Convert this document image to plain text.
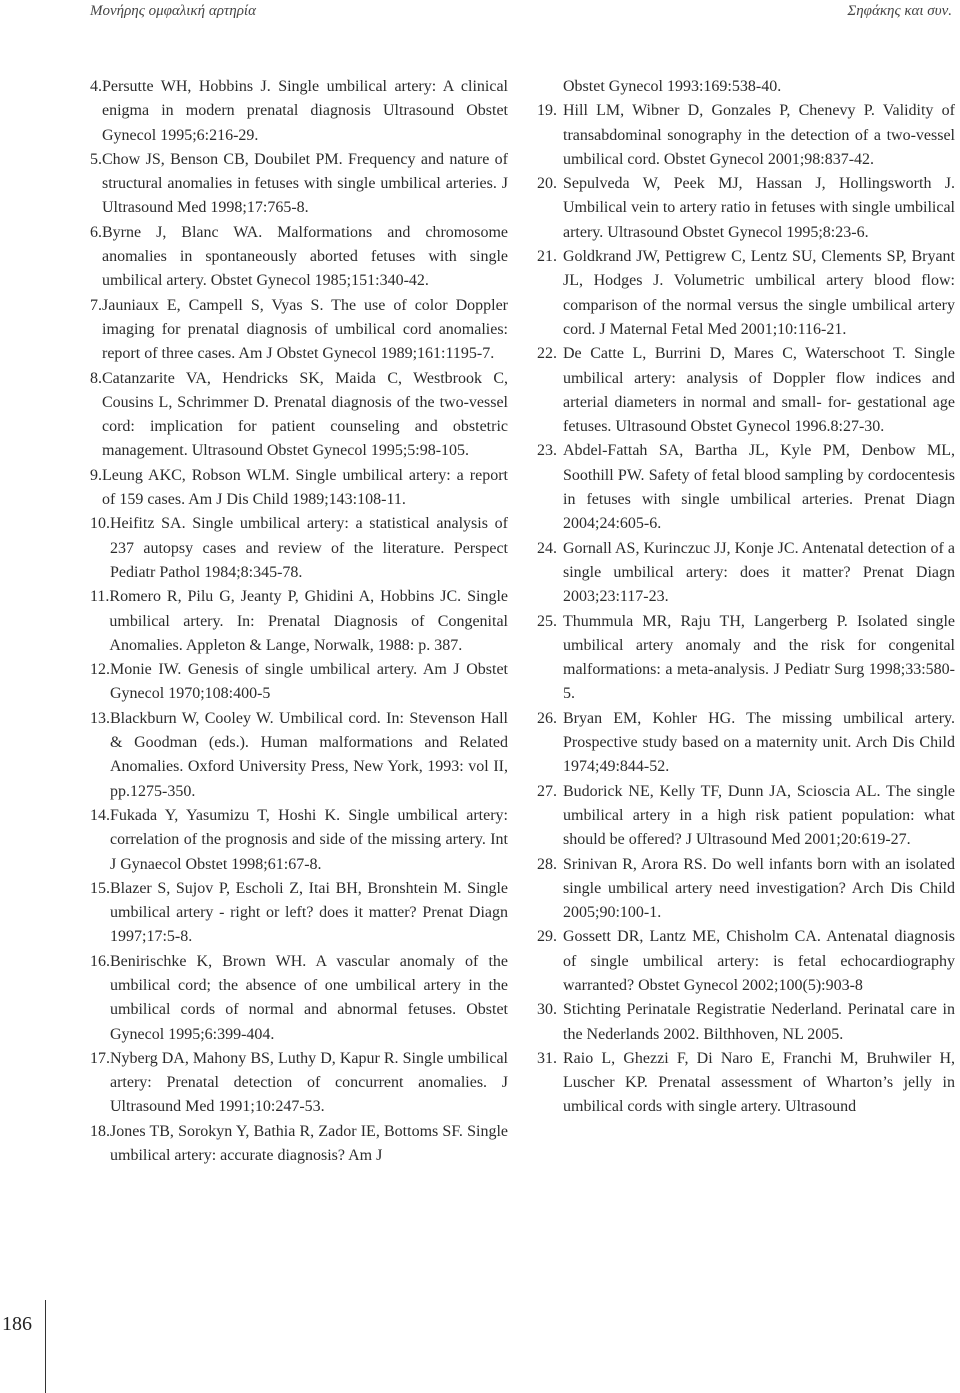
Μονήρης ομφαλική αρτηρία	Σηφάκης και συν.
4. Persutte WH, Hobbins J. Single umbilical artery: A clinical enigma in modern prenatal diagnosis Ultrasound Obstet Gynecol 1995;6:216-29.
5. Chow JS, Benson CB, Doubilet PM. Frequency and nature of structural anomalies in fetuses with single umbilical arteries. J Ultrasound Med 1998;17:765-8.
6. Byrne J, Blanc WA. Malformations and chromosome anomalies in spontaneously aborted fetuses with single umbilical artery. Obstet Gynecol 1985;151:340-42.
7. Jauniaux E, Campell S, Vyas S. The use of color Doppler imaging for prenatal diagnosis of umbilical cord anomalies: report of three cases. Am J Obstet Gynecol 1989;161:1195-7.
8. Catanzarite VA, Hendricks SK, Maida C, Westbrook C, Cousins L, Schrimmer D. Prenatal diagnosis of the two-vessel cord: implication for patient counseling and obstetric management. Ultrasound Obstet Gynecol 1995;5:98-105.
9. Leung AKC, Robson WLM. Single umbilical artery: a report of 159 cases. Am J Dis Child 1989;143:108-11.
10. Heifitz SA. Single umbilical artery: a statistical analysis of 237 autopsy cases and review of the literature. Perspect Pediatr Pathol 1984;8:345-78.
11. Romero R, Pilu G, Jeanty P, Ghidini A, Hobbins JC. Single umbilical artery. In: Prenatal Diagnosis of Congenital Anomalies. Appleton & Lange, Norwalk, 1988: p. 387.
12. Monie IW. Genesis of single umbilical artery. Am J Obstet Gynecol 1970;108:400-5
13. Blackburn W, Cooley W. Umbilical cord. In: Stevenson Hall & Goodman (eds.). Human malformations and Related Anomalies. Oxford University Press, New York, 1993: vol II, pp.1275-350.
14. Fukada Y, Yasumizu T, Hoshi K. Single umbilical artery: correlation of the prognosis and side of the missing artery. Int J Gynaecol Obstet 1998;61:67-8.
15. Blazer S, Sujov P, Escholi Z, Itai BH, Bronshtein M. Single umbilical artery - right or left? does it matter? Prenat Diagn 1997;17:5-8.
16. Benirischke K, Brown WH. A vascular anomaly of the umbilical cord; the absence of one umbilical artery in the umbilical cords of normal and abnormal fetuses. Obstet Gynecol 1995;6:399-404.
17. Nyberg DA, Mahony BS, Luthy D, Kapur R. Single umbilical artery: Prenatal detection of concurrent anomalies. J Ultrasound Med 1991;10:247-53.
18. Jones TB, Sorokyn Y, Bathia R, Zador IE, Bottoms SF. Single umbilical artery: accurate diagnosis? Am J
Obstet Gynecol 1993:169:538-40.
19. Hill LM, Wibner D, Gonzales P, Chenevy P. Validity of transabdominal sonography in the detection of a two-vessel umbilical cord. Obstet Gynecol 2001;98:837-42.
20. Sepulveda W, Peek MJ, Hassan J, Hollingsworth J. Umbilical vein to artery ratio in fetuses with single umbilical artery. Ultrasound Obstet Gynecol 1995;8:23-6.
21. Goldkrand JW, Pettigrew C, Lentz SU, Clements SP, Bryant JL, Hodges J. Volumetric umbilical artery blood flow: comparison of the normal versus the single umbilical artery cord. J Maternal Fetal Med 2001;10:116-21.
22. De Catte L, Burrini D, Mares C, Waterschoot T. Single umbilical artery: analysis of Doppler flow indices and arterial diameters in normal and small- for- gestational age fetuses. Ultrasound Obstet Gynecol 1996.8:27-30.
23. Abdel-Fattah SA, Bartha JL, Kyle PM, Denbow ML, Soothill PW. Safety of fetal blood sampling by cordocentesis in fetuses with single umbilical arteries. Prenat Diagn 2004;24:605-6.
24. Gornall AS, Kurinczuc JJ, Konje JC. Antenatal detection of a single umbilical artery: does it matter? Prenat Diagn 2003;23:117-23.
25. Thummula MR, Raju TH, Langerberg P. Isolated single umbilical artery anomaly and the risk for congenital malformations: a meta-analysis. J Pediatr Surg 1998;33:580-5.
26. Bryan EM, Kohler HG. The missing umbilical artery. Prospective study based on a maternity unit. Arch Dis Child 1974;49:844-52.
27. Budorick NE, Kelly TF, Dunn JA, Scioscia AL. The single umbilical artery in a high risk patient population: what should be offered? J Ultrasound Med 2001;20:619-27.
28. Srinivan R, Arora RS. Do well infants born with an isolated single umbilical artery need investigation? Arch Dis Child 2005;90:100-1.
29. Gossett DR, Lantz ME, Chisholm CA. Antenatal diagnosis of single umbilical artery: is fetal echocardiography warranted? Obstet Gynecol 2002;100(5):903-8
30. Stichting Perinatale Registratie Nederland. Perinatal care in the Nederlands 2002. Bilthhoven, NL 2005.
31. Raio L, Ghezzi F, Di Naro E, Franchi M, Bruhwiler H, Luscher KP. Prenatal assessment of Wharton’s jelly in umbilical cords with single artery. Ultrasound
186
